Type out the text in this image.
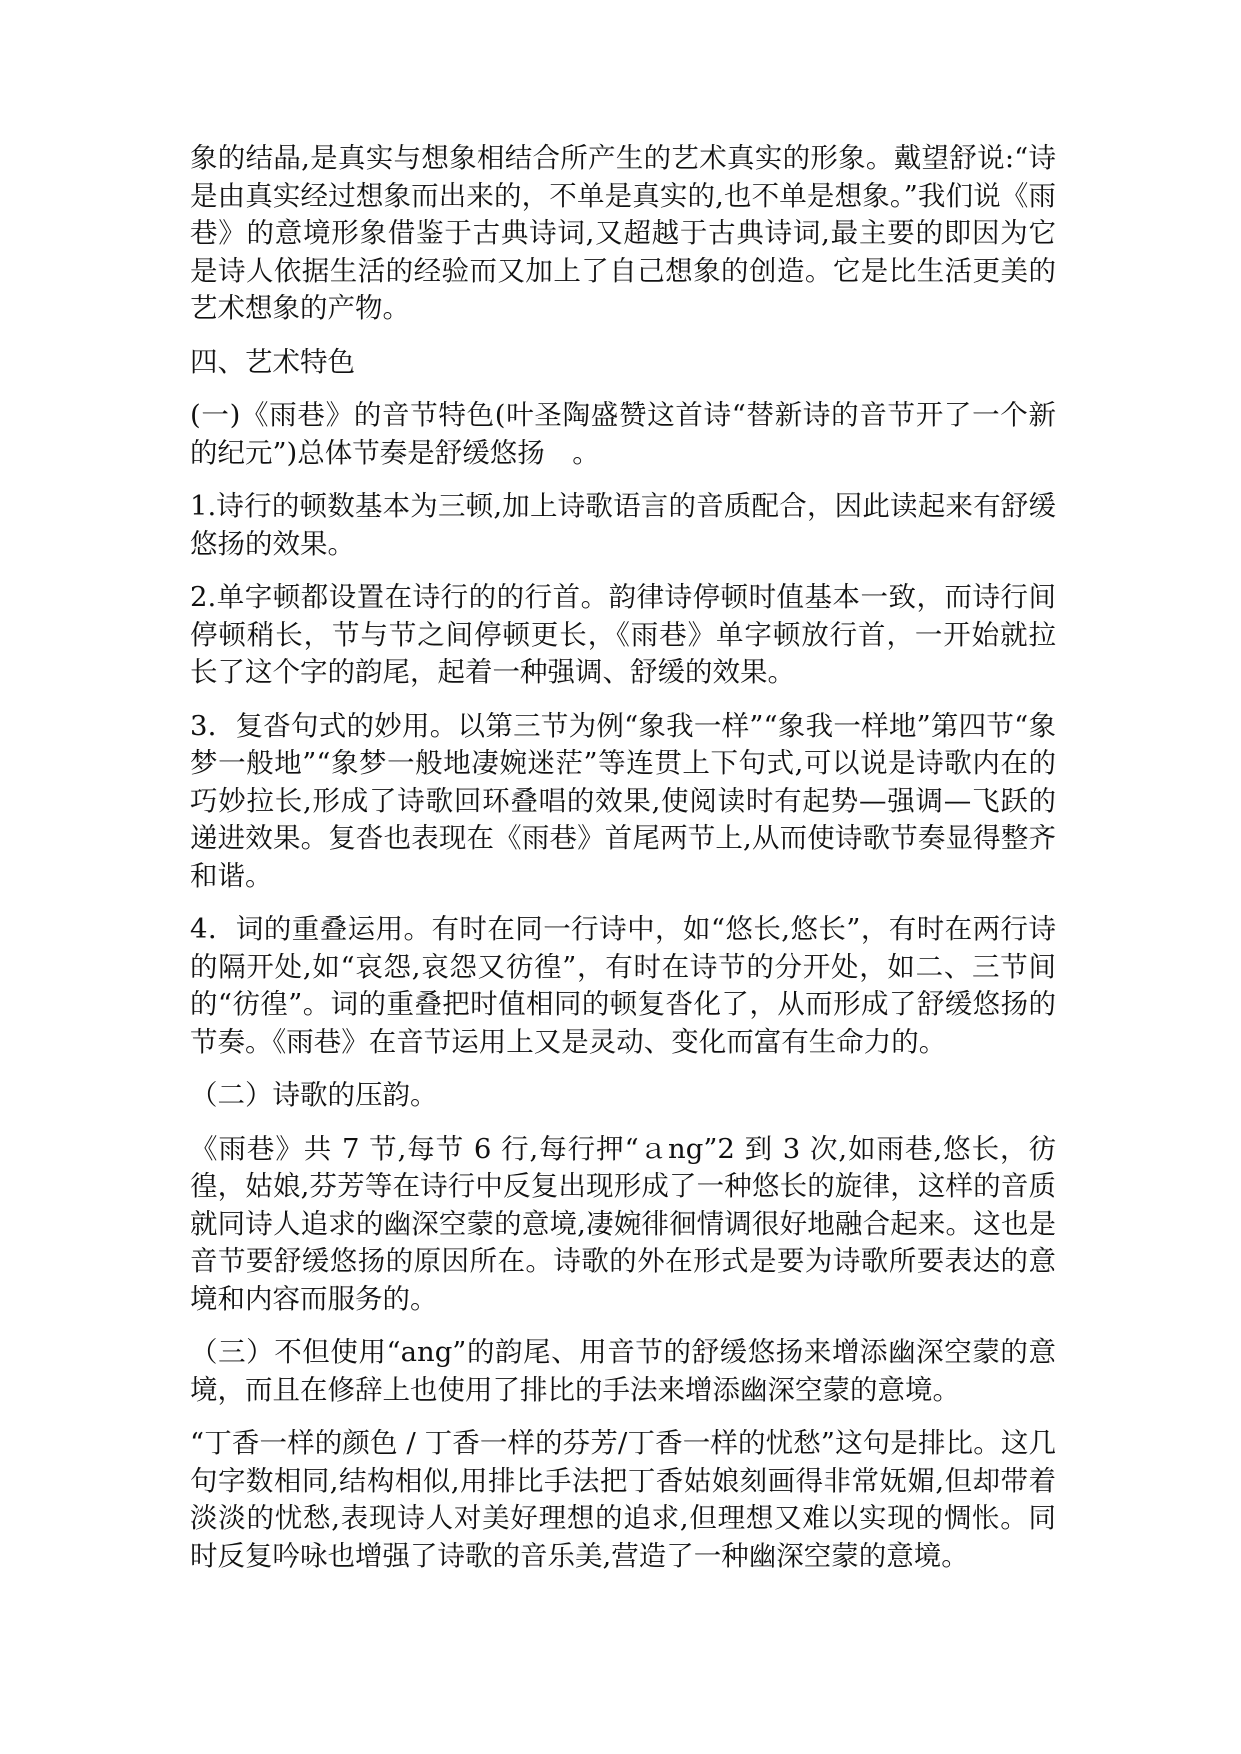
象的结晶,是真实与想象相结合所产生的艺术真实的形象。戴望舒说:“诗是由真实经过想象而出来的，不单是真实的,也不单是想象。”我们说《雨巷》的意境形象借鉴于古典诗词,又超越于古典诗词,最主要的即因为它是诗人依据生活的经验而又加上了自己想象的创造。它是比生活更美的艺术想象的产物。

四、艺术特色

(一)《雨巷》的音节特色(叶圣陶盛赞这首诗“替新诗的音节开了一个新的纪元”)总体节奏是舒缓悠扬　。

1.诗行的顿数基本为三顿,加上诗歌语言的音质配合，因此读起来有舒缓悠扬的效果。

2.单字顿都设置在诗行的的行首。韵律诗停顿时值基本一致，而诗行间停顿稍长，节与节之间停顿更长，《雨巷》单字顿放行首，一开始就拉长了这个字的韵尾，起着一种强调、舒缓的效果。

3．复沓句式的妙用。以第三节为例“象我一样”“象我一样地”第四节“象梦一般地”“象梦一般地凄婉迷茫”等连贯上下句式,可以说是诗歌内在的巧妙拉长,形成了诗歌回环叠唱的效果,使阅读时有起势—强调—飞跃的递进效果。复沓也表现在《雨巷》首尾两节上,从而使诗歌节奏显得整齐和谐。

4．词的重叠运用。有时在同一行诗中，如“悠长,悠长”，有时在两行诗的隔开处,如“哀怨,哀怨又彷徨”，有时在诗节的分开处，如二、三节间的“彷徨”。词的重叠把时值相同的顿复沓化了，从而形成了舒缓悠扬的节奏。《雨巷》在音节运用上又是灵动、变化而富有生命力的。

（二）诗歌的压韵。

《雨巷》共 7 节,每节 6 行,每行押“ａng”2 到 3 次,如雨巷,悠长，彷徨，姑娘,芬芳等在诗行中反复出现形成了一种悠长的旋律，这样的音质就同诗人追求的幽深空蒙的意境,凄婉徘徊情调很好地融合起来。这也是音节要舒缓悠扬的原因所在。诗歌的外在形式是要为诗歌所要表达的意境和内容而服务的。

（三）不但使用“ang”的韵尾、用音节的舒缓悠扬来增添幽深空蒙的意境，而且在修辞上也使用了排比的手法来增添幽深空蒙的意境。

“丁香一样的颜色 / 丁香一样的芬芳/丁香一样的忧愁”这句是排比。这几句字数相同,结构相似,用排比手法把丁香姑娘刻画得非常妩媚,但却带着淡淡的忧愁,表现诗人对美好理想的追求,但理想又难以实现的惆怅。同时反复吟咏也增强了诗歌的音乐美,营造了一种幽深空蒙的意境。
